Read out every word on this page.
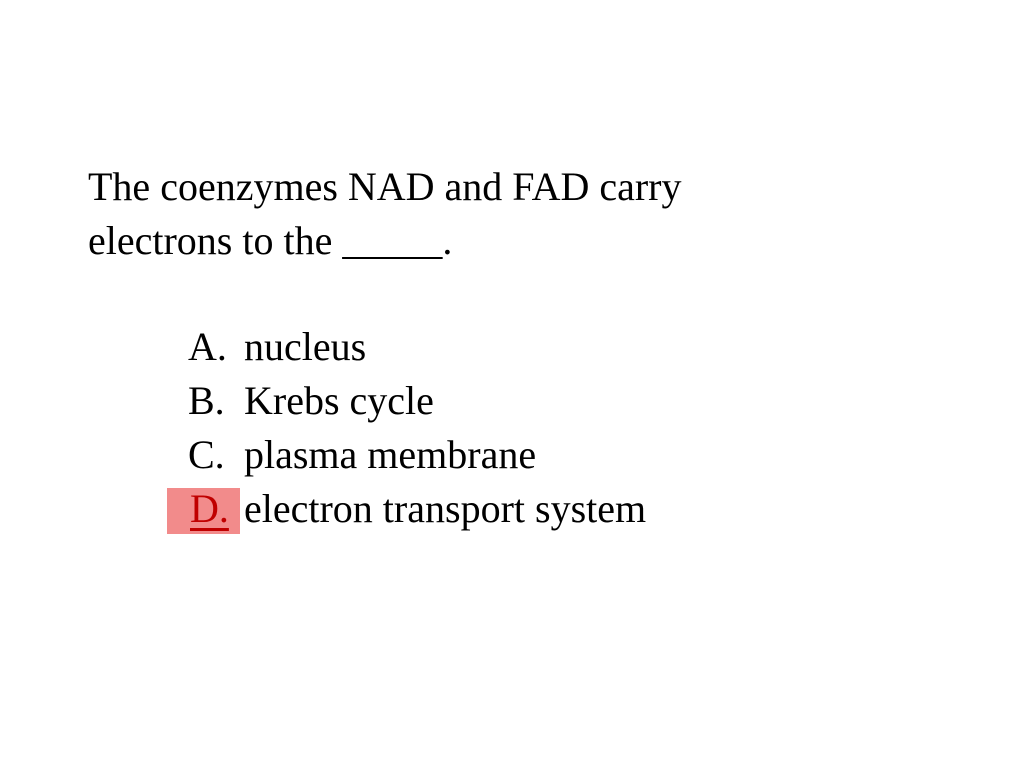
The coenzymes NAD and FAD carry
electrons to the _____.

A. nucleus
B. Krebs cycle
C. plasma membrane
D. electron transport system
